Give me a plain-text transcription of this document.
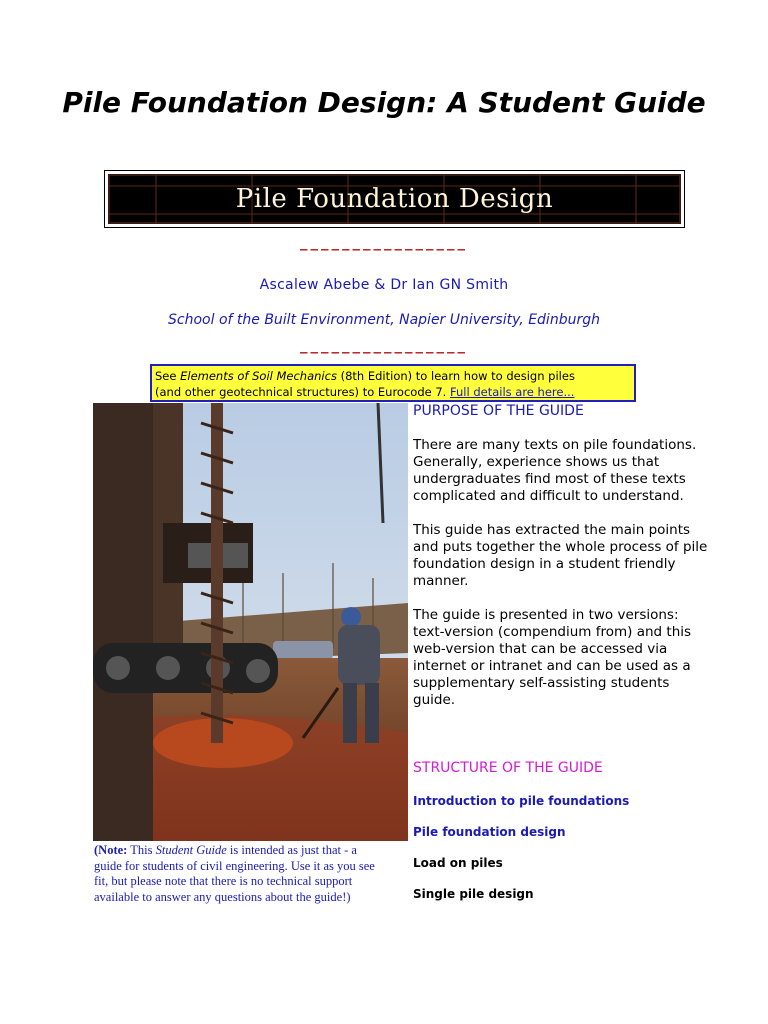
Pile Foundation Design: A Student Guide
Pile Foundation Design
________________
Ascalew Abebe & Dr Ian GN Smith
School of the Built Environment, Napier University, Edinburgh
________________
See Elements of Soil Mechanics (8th Edition) to learn how to design piles
(and other geotechnical structures) to Eurocode 7. Full details are here...
PURPOSE OF THE GUIDE
There are many texts on pile foundations. Generally, experience shows us that undergraduates find most of these texts complicated and difficult to understand.
This guide has extracted the main points and puts together the whole process of pile foundation design in a student friendly manner.
The guide is presented in two versions: text-version (compendium from) and this web-version that can be accessed via internet or intranet and can be used as a supplementary self-assisting students guide.
STRUCTURE OF THE GUIDE
Introduction to pile foundations
Pile foundation design
Load on piles
Single pile design
(Note: This Student Guide is intended as just that - a guide for students of civil engineering. Use it as you see fit, but please note that there is no technical support available to answer any questions about the guide!)
